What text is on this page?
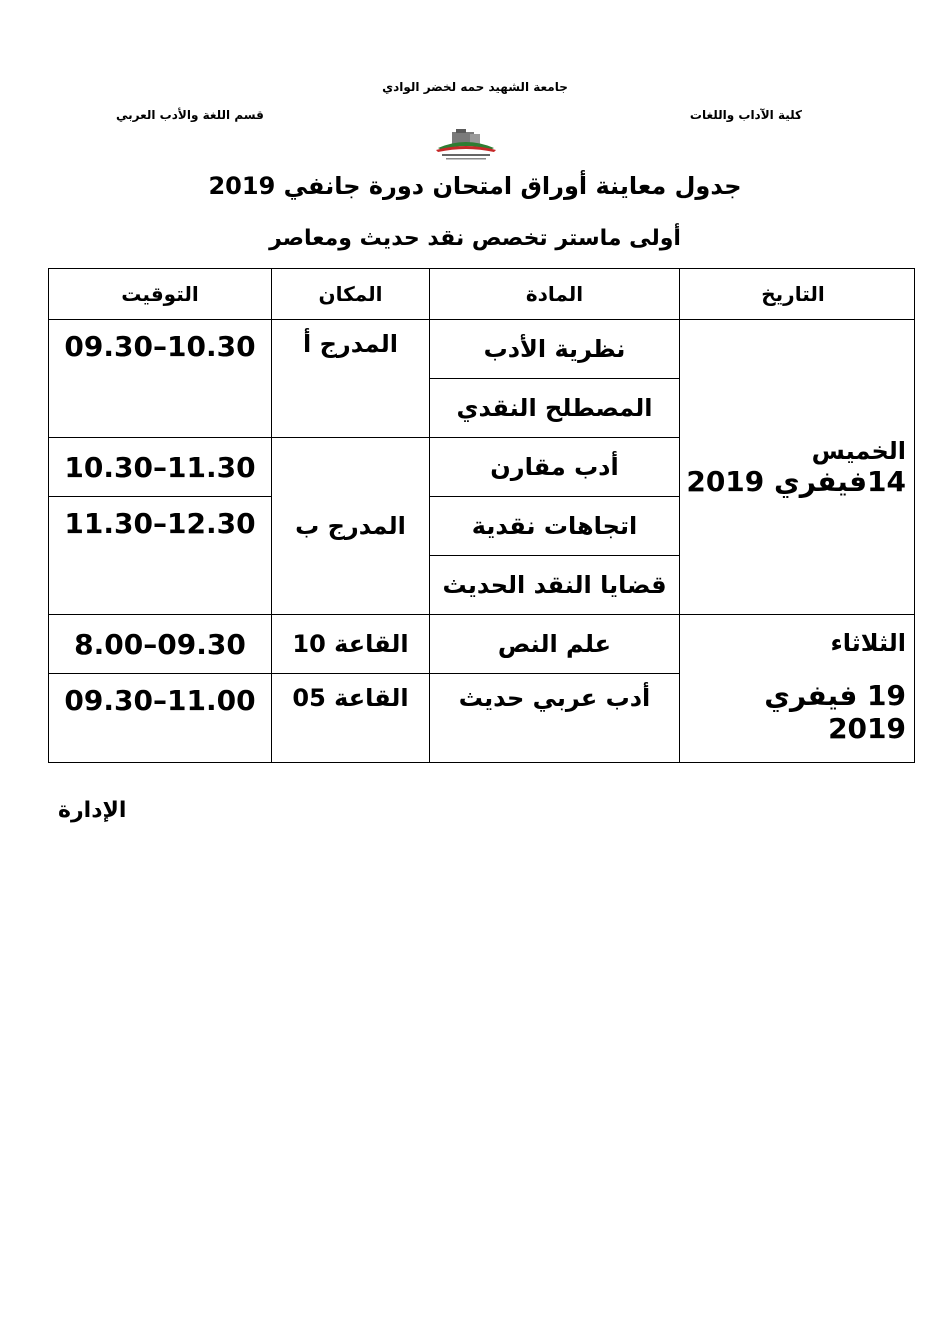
جامعة الشهيد حمه لخضر الوادي
كلية الآداب واللغات
قسم اللغة والأدب العربي
جدول معاينة أوراق امتحان دورة جانفي 2019
أولى ماستر تخصص نقد حديث ومعاصر
التاريخ	المادة	المكان	التوقيت

الخميس
14فيفري 2019	نظرية الأدب	المدرج أ	10.30–09.30
	المصطلح النقدي		
	أدب مقارن	المدرج ب	11.30–10.30
	اتجاهات نقدية		12.30–11.30
	قضايا النقد الحديث		

الثلاثاء
19 فيفري 2019	علم النص	القاعة 10	09.30–8.00
	أدب عربي حديث	القاعة 05	11.00–09.30
الإدارة
